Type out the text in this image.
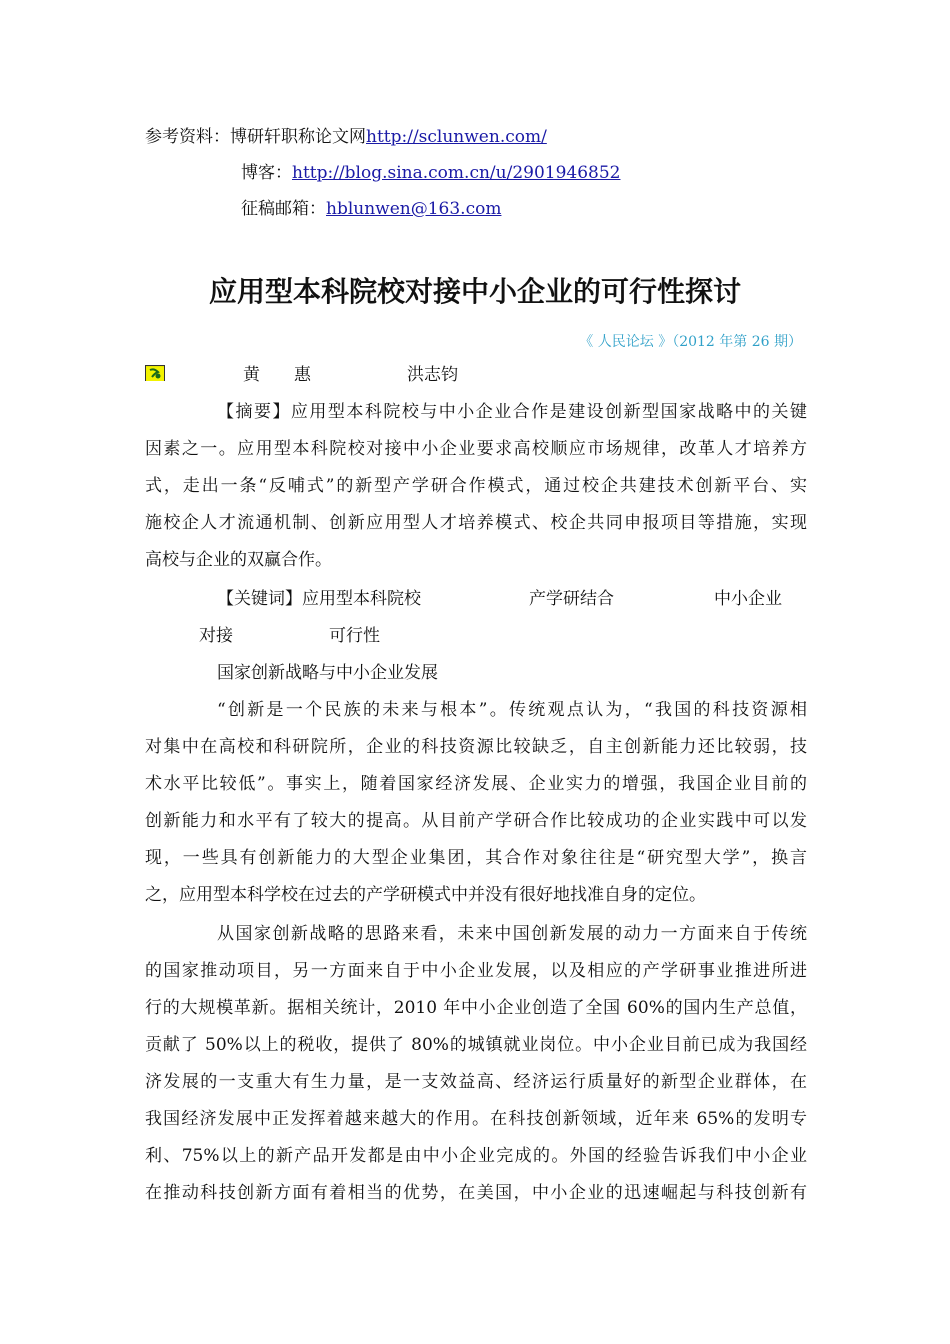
参考资料：博研轩职称论文网http://sclunwen.com/
博客：http://blog.sina.com.cn/u/2901946852
征稿邮箱：hblunwen@163.com
应用型本科院校对接中小企业的可行性探讨
《 人民论坛 》（2012 年第 26 期）
黄　　惠	洪志钧
【摘要】应用型本科院校与中小企业合作是建设创新型国家战略中的关键
因素之一。应用型本科院校对接中小企业要求高校顺应市场规律，改革人才培养方
式，走出一条“反哺式”的新型产学研合作模式，通过校企共建技术创新平台、实
施校企人才流通机制、创新应用型人才培养模式、校企共同申报项目等措施，实现
高校与企业的双赢合作。
【关键词】应用型本科院校	产学研结合	中小企业
对接	可行性
国家创新战略与中小企业发展
“创新是一个民族的未来与根本”。传统观点认为，“我国的科技资源相
对集中在高校和科研院所，企业的科技资源比较缺乏，自主创新能力还比较弱，技
术水平比较低”。事实上，随着国家经济发展、企业实力的增强，我国企业目前的
创新能力和水平有了较大的提高。从目前产学研合作比较成功的企业实践中可以发
现，一些具有创新能力的大型企业集团，其合作对象往往是“研究型大学”，换言
之，应用型本科学校在过去的产学研模式中并没有很好地找准自身的定位。
从国家创新战略的思路来看，未来中国创新发展的动力一方面来自于传统
的国家推动项目，另一方面来自于中小企业发展，以及相应的产学研事业推进所进
行的大规模革新。据相关统计，2010 年中小企业创造了全国 60%的国内生产总值，
贡献了 50%以上的税收，提供了 80%的城镇就业岗位。中小企业目前已成为我国经
济发展的一支重大有生力量，是一支效益高、经济运行质量好的新型企业群体，在
我国经济发展中正发挥着越来越大的作用。在科技创新领域，近年来 65%的发明专
利、75%以上的新产品开发都是由中小企业完成的。外国的经验告诉我们中小企业
在推动科技创新方面有着相当的优势，在美国，中小企业的迅速崛起与科技创新有
